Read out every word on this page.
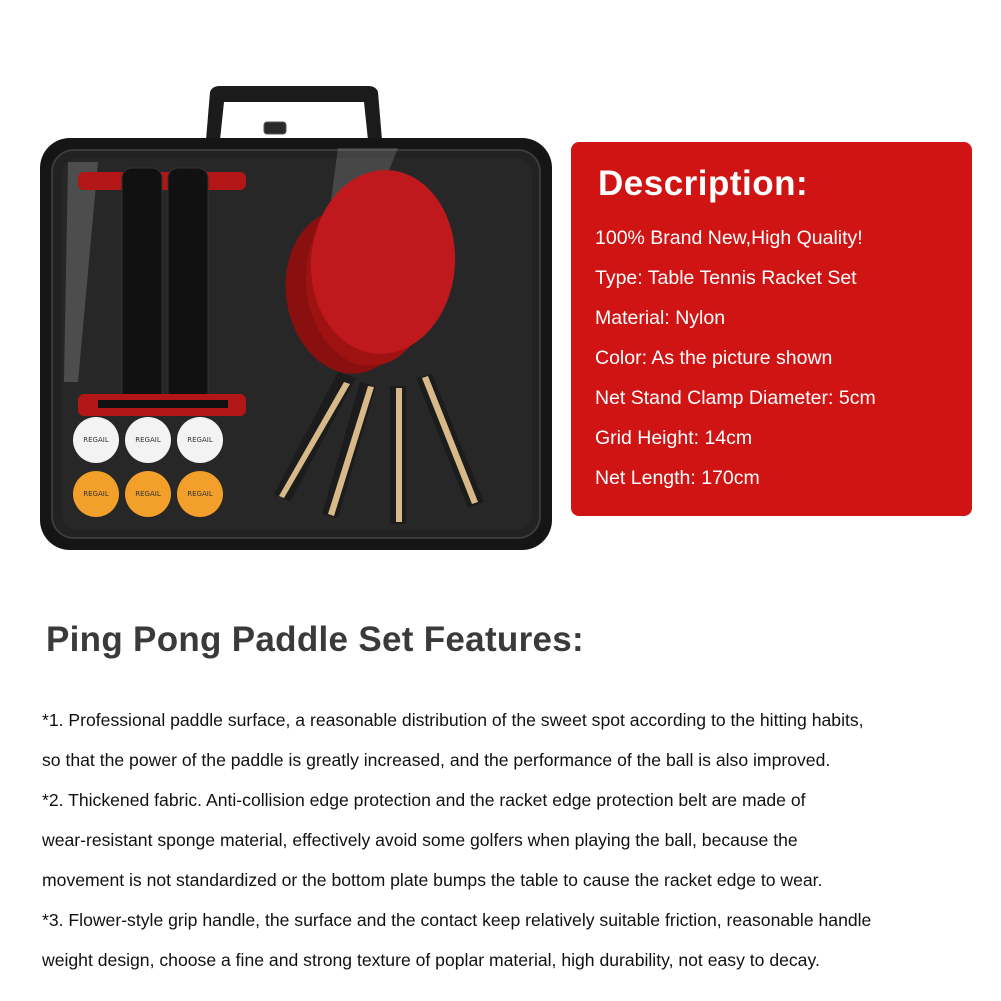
REGAIL	REGAIL	REGAIL
REGAIL	REGAIL	REGAIL
Description:
100% Brand New,High Quality!
Type: Table Tennis Racket Set
Material: Nylon
Color: As the picture shown
Net Stand Clamp Diameter: 5cm
Grid Height: 14cm
Net Length: 170cm
Ping Pong Paddle Set Features:
*1. Professional paddle surface, a reasonable distribution of the sweet spot according to the hitting habits,
so that the power of the paddle is greatly increased, and the performance of the ball is also improved.
*2. Thickened fabric. Anti-collision edge protection and the racket edge protection belt are made of
wear-resistant sponge material, effectively avoid some golfers when playing the ball, because the
movement is not standardized or the bottom plate bumps the table to cause the racket edge to wear.
*3. Flower-style grip handle, the surface and the contact keep relatively suitable friction, reasonable handle
weight design, choose a fine and strong texture of poplar material, high durability, not easy to decay.
